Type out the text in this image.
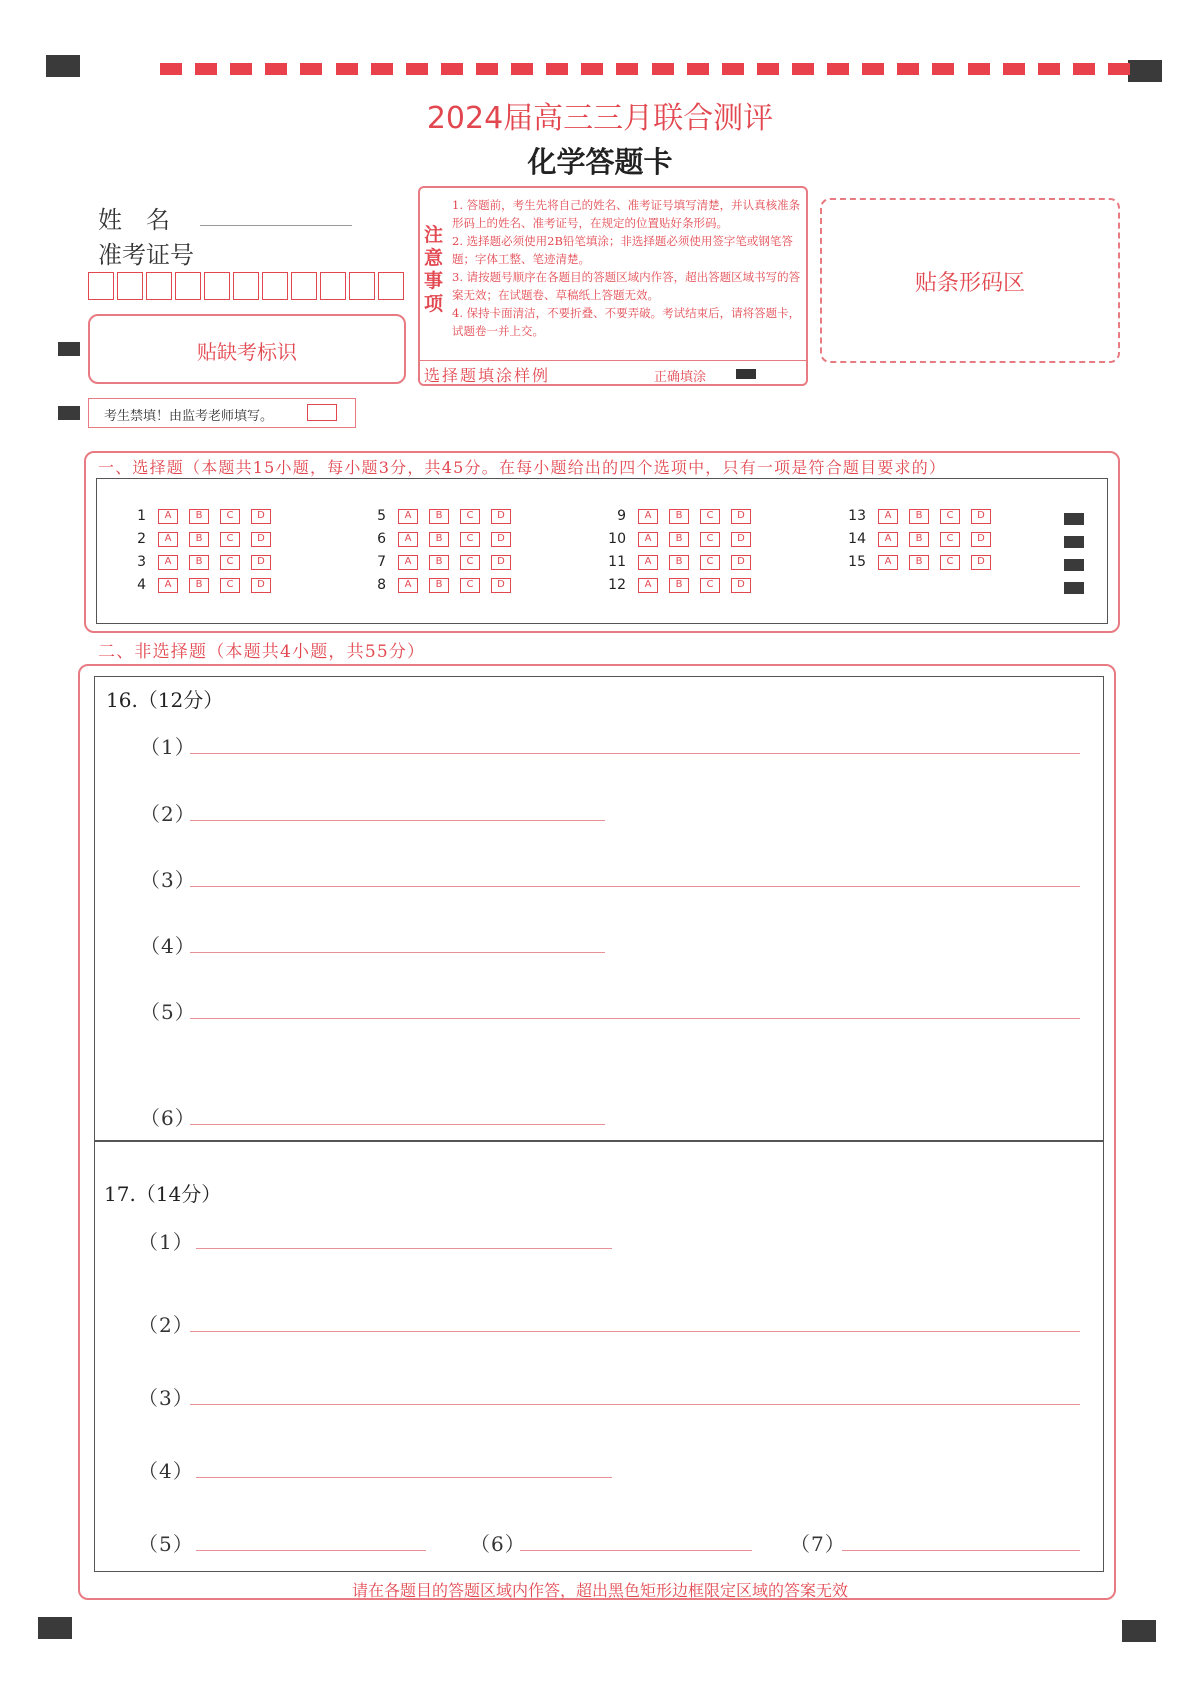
2024届高三三月联合测评
化学答题卡
姓　名
准考证号
贴缺考标识
考生禁填！由监考老师填写。
注意事项
1. 答题前，考生先将自己的姓名、准考证号填写清楚，并认真核准条形码上的姓名、准考证号，在规定的位置贴好条形码。
2. 选择题必须使用2B铅笔填涂；非选择题必须使用签字笔或钢笔答题；字体工整、笔迹清楚。
3. 请按题号顺序在各题目的答题区域内作答，超出答题区域书写的答案无效；在试题卷、草稿纸上答题无效。
4. 保持卡面清洁，不要折叠、不要弄破。考试结束后，请将答题卡，试题卷一并上交。
选择题填涂样例	正确填涂
贴条形码区
一、选择题（本题共15小题，每小题3分，共45分。在每小题给出的四个选项中，只有一项是符合题目要求的）
1	A	B	C	D
2	A	B	C	D
3	A	B	C	D
4	A	B	C	D
5	A	B	C	D
6	A	B	C	D
7	A	B	C	D
8	A	B	C	D
9	A	B	C	D
10	A	B	C	D
11	A	B	C	D
12	A	B	C	D
13	A	B	C	D
14	A	B	C	D
15	A	B	C	D
二、非选择题（本题共4小题，共55分）
16.（12分）
（1）
（2）
（3）
（4）
（5）
（6）
17.（14分）
（1）
（2）
（3）
（4）
（5）	（6）	（7）
请在各题目的答题区域内作答，超出黑色矩形边框限定区域的答案无效
